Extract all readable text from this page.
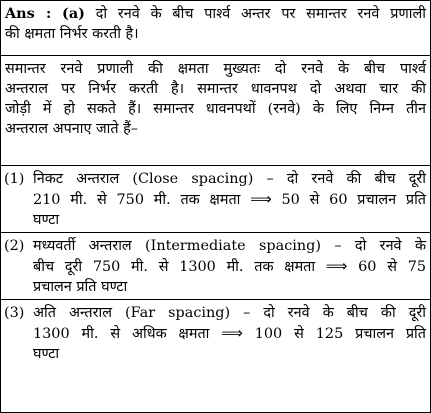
Ans : (a) दो रनवे के बीच पार्श्व अन्तर पर समान्तर रनवे प्रणाली
की क्षमता निर्भर करती है।
समान्तर रनवे प्रणाली की क्षमता मुख्यतः दो रनवे के बीच पार्श्व
अन्तराल पर निर्भर करती है। समान्तर धावनपथ दो अथवा चार की
जोड़ी में हो सकते हैं। समान्तर धावनपथों (रनवे) के लिए निम्न तीन
अन्तराल अपनाए जाते हैं–
(1) निकट अन्तराल (Close spacing) – दो रनवे की बीच दूरी
210 मी. से 750 मी. तक क्षमता ⟹ 50 से 60 प्रचालन प्रति
घण्टा
(2) मध्यवर्ती अन्तराल (Intermediate spacing) – दो रनवे के
बीच दूरी 750 मी. से 1300 मी. तक क्षमता ⟹ 60 से 75
प्रचालन प्रति घण्टा
(3) अति अन्तराल (Far spacing) – दो रनवे के बीच की दूरी
1300 मी. से अधिक क्षमता ⟹ 100 से 125 प्रचालन प्रति
घण्टा
